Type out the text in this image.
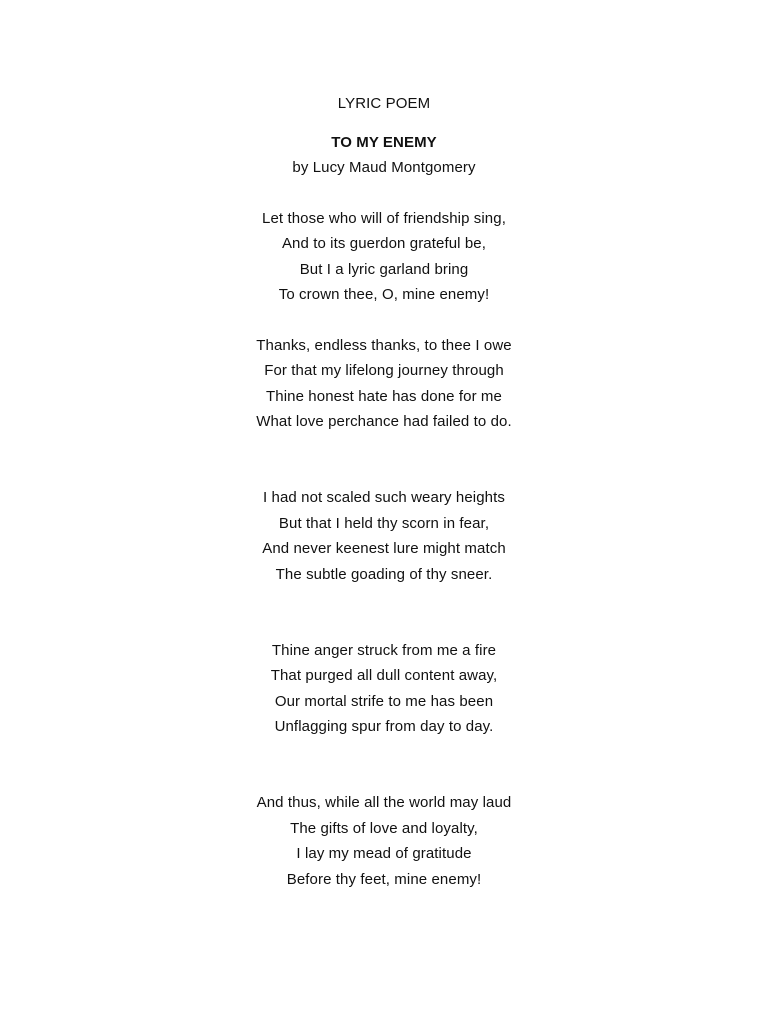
LYRIC POEM
TO MY ENEMY
by Lucy Maud Montgomery
Let those who will of friendship sing,
And to its guerdon grateful be,
But I a lyric garland bring
To crown thee, O, mine enemy!
Thanks, endless thanks, to thee I owe
For that my lifelong journey through
Thine honest hate has done for me
What love perchance had failed to do.
I had not scaled such weary heights
But that I held thy scorn in fear,
And never keenest lure might match
The subtle goading of thy sneer.
Thine anger struck from me a fire
That purged all dull content away,
Our mortal strife to me has been
Unflagging spur from day to day.
And thus, while all the world may laud
The gifts of love and loyalty,
I lay my mead of gratitude
Before thy feet, mine enemy!
